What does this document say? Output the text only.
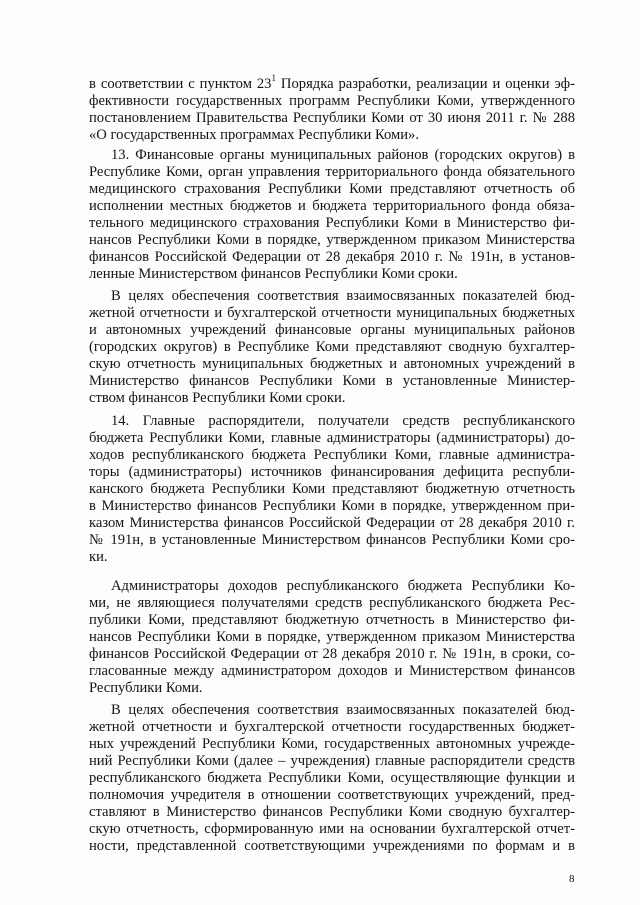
в соответствии с пунктом $23^1$ Порядка разработки, реализации и оценки эф-
фективности государственных программ Республики Коми, утвержденного
постановлением Правительства Республики Коми от 30 июня 2011 г. № 288
«О государственных программах Республики Коми».
13. Финансовые органы муниципальных районов (городских округов) в
Республике Коми, орган управления территориального фонда обязательного
медицинского страхования Республики Коми представляют отчетность об
исполнении местных бюджетов и бюджета территориального фонда обяза-
тельного медицинского страхования Республики Коми в Министерство фи-
нансов Республики Коми в порядке, утвержденном приказом Министерства
финансов Российской Федерации от 28 декабря 2010 г. № 191н, в установ-
ленные Министерством финансов Республики Коми сроки.
В целях обеспечения соответствия взаимосвязанных показателей бюд-
жетной отчетности и бухгалтерской отчетности муниципальных бюджетных
и автономных учреждений финансовые органы муниципальных районов
(городских округов) в Республике Коми представляют сводную бухгалтер-
скую отчетность муниципальных бюджетных и автономных учреждений в
Министерство финансов Республики Коми в установленные Министер-
ством финансов Республики Коми сроки.
14. Главные распорядители, получатели средств республиканского
бюджета Республики Коми, главные администраторы (администраторы) до-
ходов республиканского бюджета Республики Коми, главные администра-
торы (администраторы) источников финансирования дефицита республи-
канского бюджета Республики Коми представляют бюджетную отчетность
в Министерство финансов Республики Коми в порядке, утвержденном при-
казом Министерства финансов Российской Федерации от 28 декабря 2010 г.
№ 191н, в установленные Министерством финансов Республики Коми сро-
ки.
Администраторы доходов республиканского бюджета Республики Ко-
ми, не являющиеся получателями средств республиканского бюджета Рес-
публики Коми, представляют бюджетную отчетность в Министерство фи-
нансов Республики Коми в порядке, утвержденном приказом Министерства
финансов Российской Федерации от 28 декабря 2010 г. № 191н, в сроки, со-
гласованные между администратором доходов и Министерством финансов
Республики Коми.
В целях обеспечения соответствия взаимосвязанных показателей бюд-
жетной отчетности и бухгалтерской отчетности государственных бюджет-
ных учреждений Республики Коми, государственных автономных учрежде-
ний Республики Коми (далее – учреждения) главные распорядители средств
республиканского бюджета Республики Коми, осуществляющие функции и
полномочия учредителя в отношении соответствующих учреждений, пред-
ставляют в Министерство финансов Республики Коми сводную бухгалтер-
скую отчетность, сформированную ими на основании бухгалтерской отчет-
ности, представленной соответствующими учреждениями по формам и в
8
